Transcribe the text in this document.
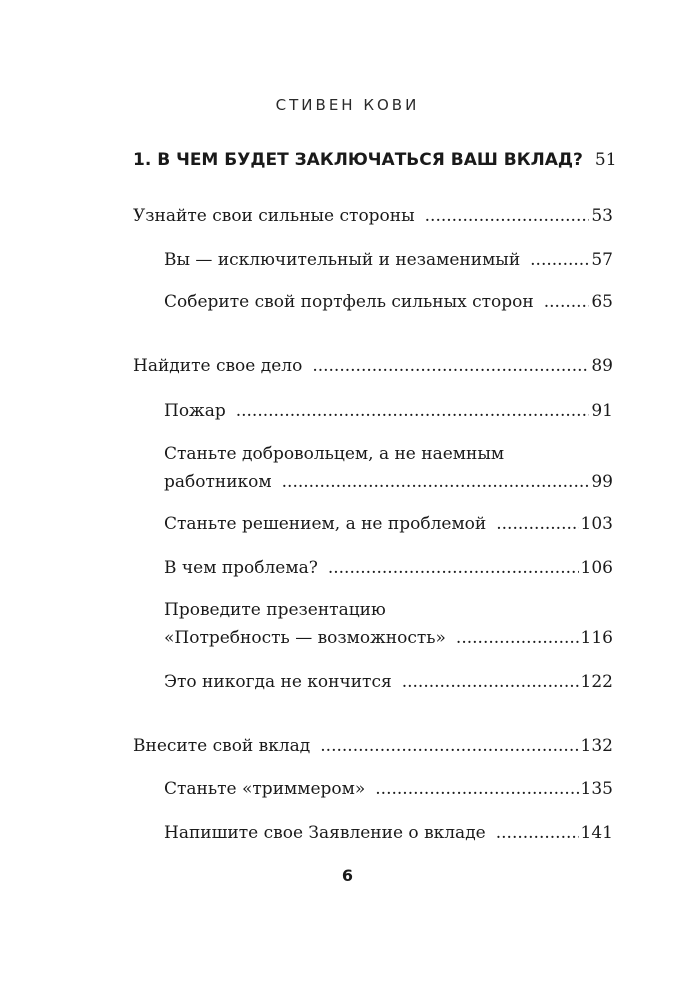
СТИВЕН КОВИ
1. В ЧЕМ БУДЕТ ЗАКЛЮЧАТЬСЯ ВАШ ВКЛАД? 51
Узнайте свои сильные стороны .....	53
Вы — исключительный и незаменимый .....	57
Соберите свой портфель сильных сторон .....	65
Найдите свое дело .....	89
Пожар .....	91
Станьте добровольцем, а не наемным
работником .....	99
Станьте решением, а не проблемой .....	103
В чем проблема? .....	106
Проведите презентацию
«Потребность — возможность» .....	116
Это никогда не кончится .....	122
Внесите свой вклад .....	132
Станьте «триммером» .....	135
Напишите свое Заявление о вкладе .....	141
6
